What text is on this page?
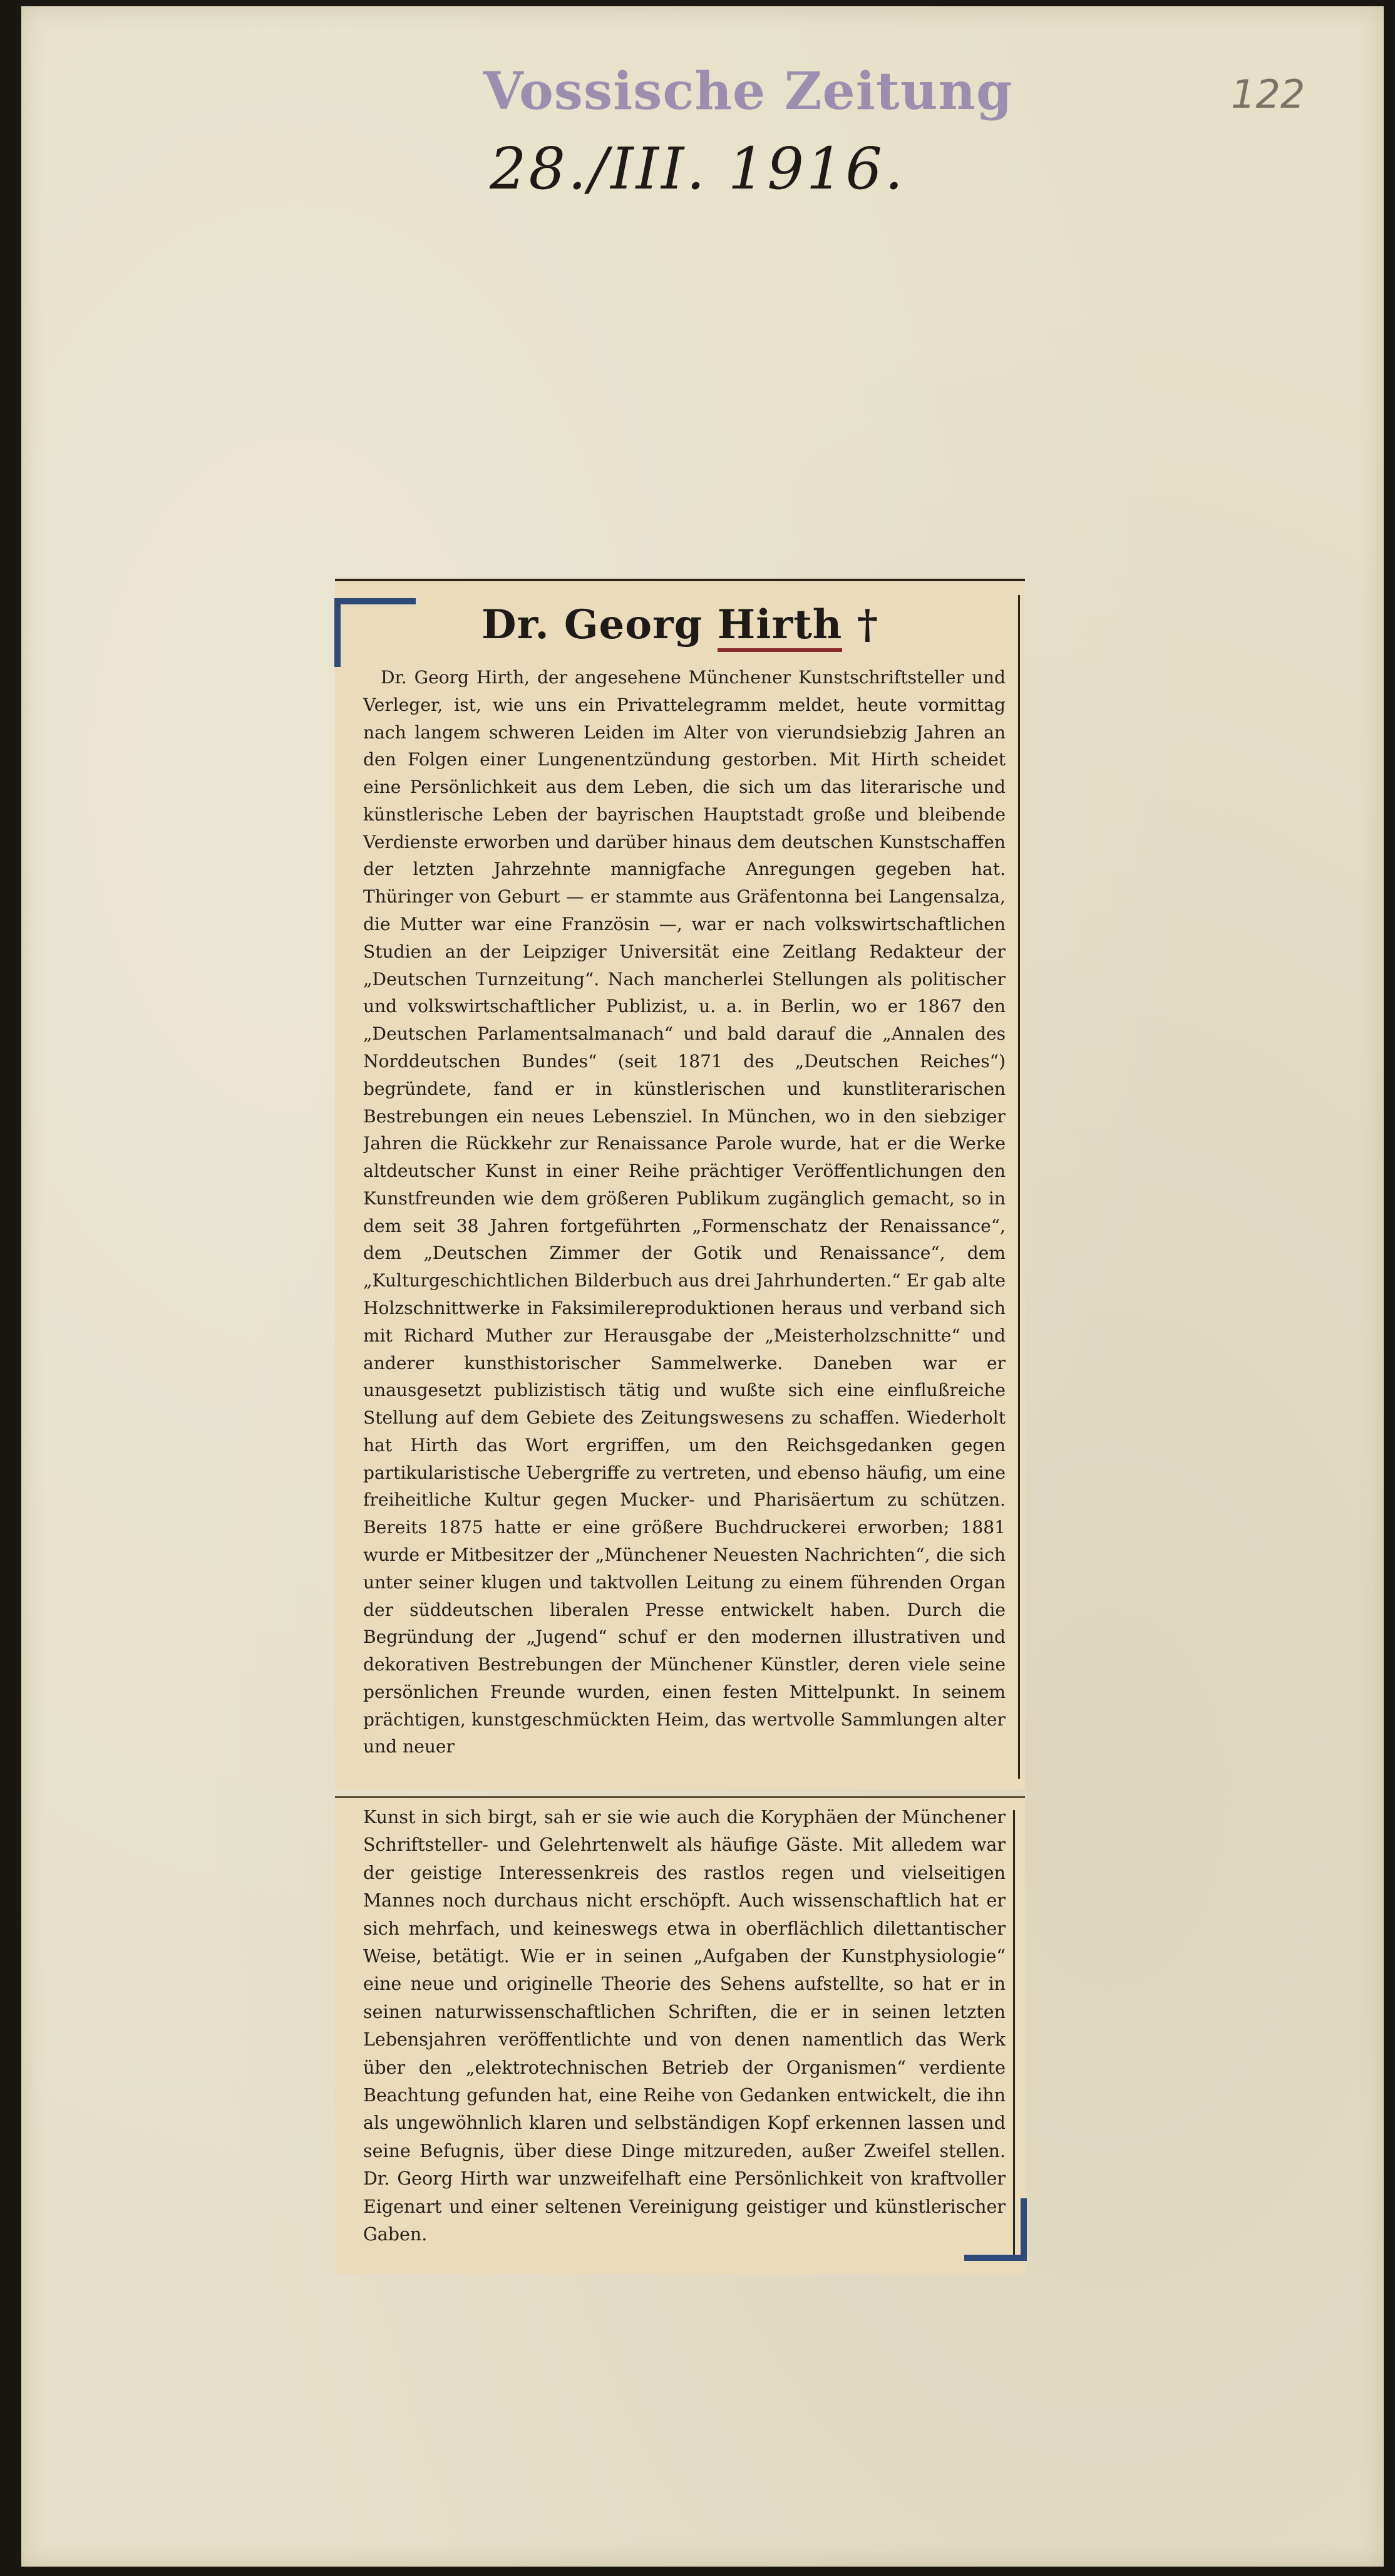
Vossische Zeitung
28./III. 1916.
122
Dr. Georg Hirth †

Dr. Georg Hirth, der angesehene Münchener Kunstschriftsteller und Verleger, ist, wie uns ein Privattelegramm meldet, heute vormittag nach langem schweren Leiden im Alter von vierundsiebzig Jahren an den Folgen einer Lungenentzündung gestorben. Mit Hirth scheidet eine Persönlichkeit aus dem Leben, die sich um das literarische und künstlerische Leben der bayrischen Hauptstadt große und bleibende Verdienste erworben und darüber hinaus dem deutschen Kunstschaffen der letzten Jahrzehnte mannigfache Anregungen gegeben hat. Thüringer von Geburt — er stammte aus Gräfentonna bei Langensalza, die Mutter war eine Französin —, war er nach volkswirtschaftlichen Studien an der Leipziger Universität eine Zeitlang Redakteur der „Deutschen Turnzeitung“. Nach mancherlei Stellungen als politischer und volkswirtschaftlicher Publizist, u. a. in Berlin, wo er 1867 den „Deutschen Parlamentsalmanach“ und bald darauf die „Annalen des Norddeutschen Bundes“ (seit 1871 des „Deutschen Reiches“) begründete, fand er in künstlerischen und kunstliterarischen Bestrebungen ein neues Lebensziel. In München, wo in den siebziger Jahren die Rückkehr zur Renaissance Parole wurde, hat er die Werke altdeutscher Kunst in einer Reihe prächtiger Veröffentlichungen den Kunstfreunden wie dem größeren Publikum zugänglich gemacht, so in dem seit 38 Jahren fortgeführten „Formenschatz der Renaissance“, dem „Deutschen Zimmer der Gotik und Renaissance“, dem „Kulturgeschichtlichen Bilderbuch aus drei Jahrhunderten.“ Er gab alte Holzschnittwerke in Faksimilereproduktionen heraus und verband sich mit Richard Muther zur Herausgabe der „Meisterholzschnitte“ und anderer kunsthistorischer Sammelwerke. Daneben war er unausgesetzt publizistisch tätig und wußte sich eine einflußreiche Stellung auf dem Gebiete des Zeitungswesens zu schaffen. Wiederholt hat Hirth das Wort ergriffen, um den Reichsgedanken gegen partikularistische Uebergriffe zu vertreten, und ebenso häufig, um eine freiheitliche Kultur gegen Mucker- und Pharisäertum zu schützen. Bereits 1875 hatte er eine größere Buchdruckerei erworben; 1881 wurde er Mitbesitzer der „Münchener Neuesten Nachrichten“, die sich unter seiner klugen und taktvollen Leitung zu einem führenden Organ der süddeutschen liberalen Presse entwickelt haben. Durch die Begründung der „Jugend“ schuf er den modernen illustrativen und dekorativen Bestrebungen der Münchener Künstler, deren viele seine persönlichen Freunde wurden, einen festen Mittelpunkt. In seinem prächtigen, kunstgeschmückten Heim, das wertvolle Sammlungen alter und neuer

Kunst in sich birgt, sah er sie wie auch die Koryphäen der Münchener Schriftsteller- und Gelehrtenwelt als häufige Gäste. Mit alledem war der geistige Interessenkreis des rastlos regen und vielseitigen Mannes noch durchaus nicht erschöpft. Auch wissenschaftlich hat er sich mehrfach, und keineswegs etwa in oberflächlich dilettantischer Weise, betätigt. Wie er in seinen „Aufgaben der Kunstphysiologie“ eine neue und originelle Theorie des Sehens aufstellte, so hat er in seinen naturwissenschaftlichen Schriften, die er in seinen letzten Lebensjahren veröffentlichte und von denen namentlich das Werk über den „elektrotechnischen Betrieb der Organismen“ verdiente Beachtung gefunden hat, eine Reihe von Gedanken entwickelt, die ihn als ungewöhnlich klaren und selbständigen Kopf erkennen lassen und seine Befugnis, über diese Dinge mitzureden, außer Zweifel stellen. Dr. Georg Hirth war unzweifelhaft eine Persönlichkeit von kraftvoller Eigenart und einer seltenen Vereinigung geistiger und künstlerischer Gaben.
